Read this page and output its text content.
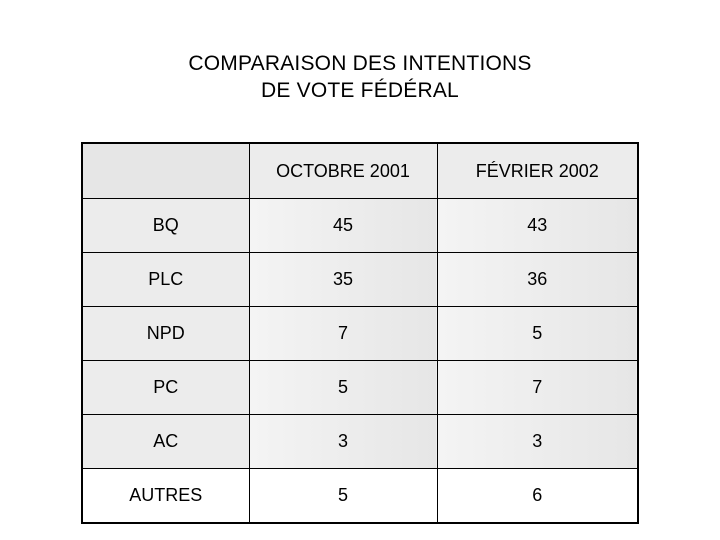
COMPARAISON DES INTENTIONS
DE VOTE FÉDÉRAL
	OCTOBRE 2001	FÉVRIER 2002
BQ	45	43
PLC	35	36
NPD	7	5
PC	5	7
AC	3	3
AUTRES	5	6
